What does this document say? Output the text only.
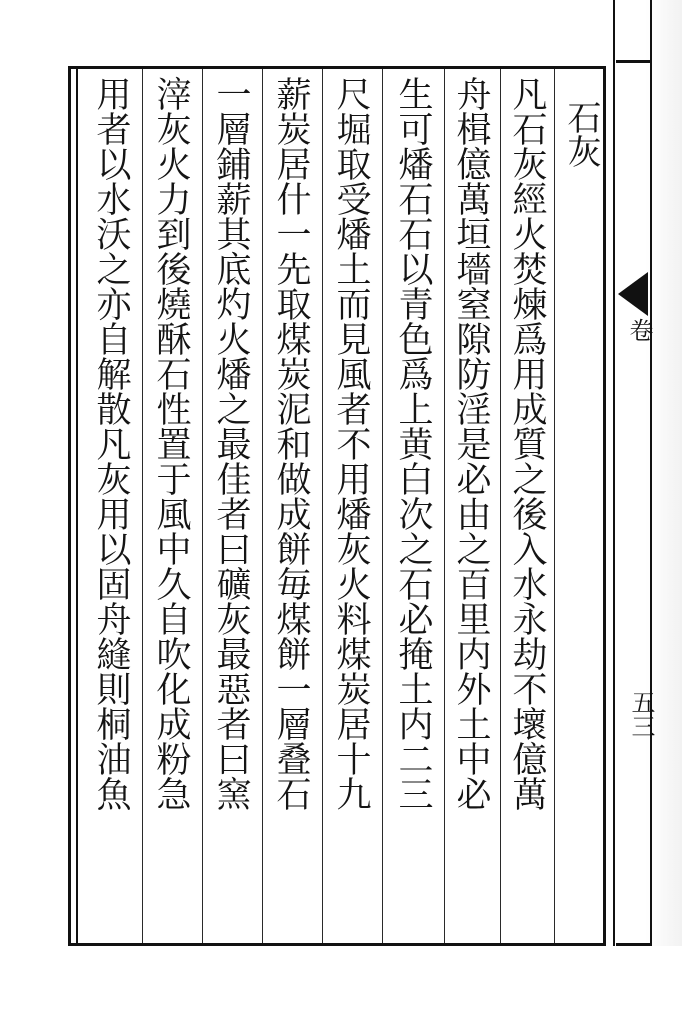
卷
五三
石灰
凡石灰經火焚煉爲用成質之後入水永劫不壞億萬
舟楫億萬垣墻窒隙防淫是必由之百里内外土中必
生可燔石石以青色爲上黄白次之石必掩土内二三
尺堀取受燔土而見風者不用燔灰火料煤炭居十九
薪炭居什一先取煤炭泥和做成餅毎煤餅一層叠石
一層鋪薪其底灼火燔之最佳者曰礦灰最惡者曰窯
滓灰火力到後燒酥石性置于風中久自吹化成粉急
用者以水沃之亦自解散凡灰用以固舟縫則桐油魚
